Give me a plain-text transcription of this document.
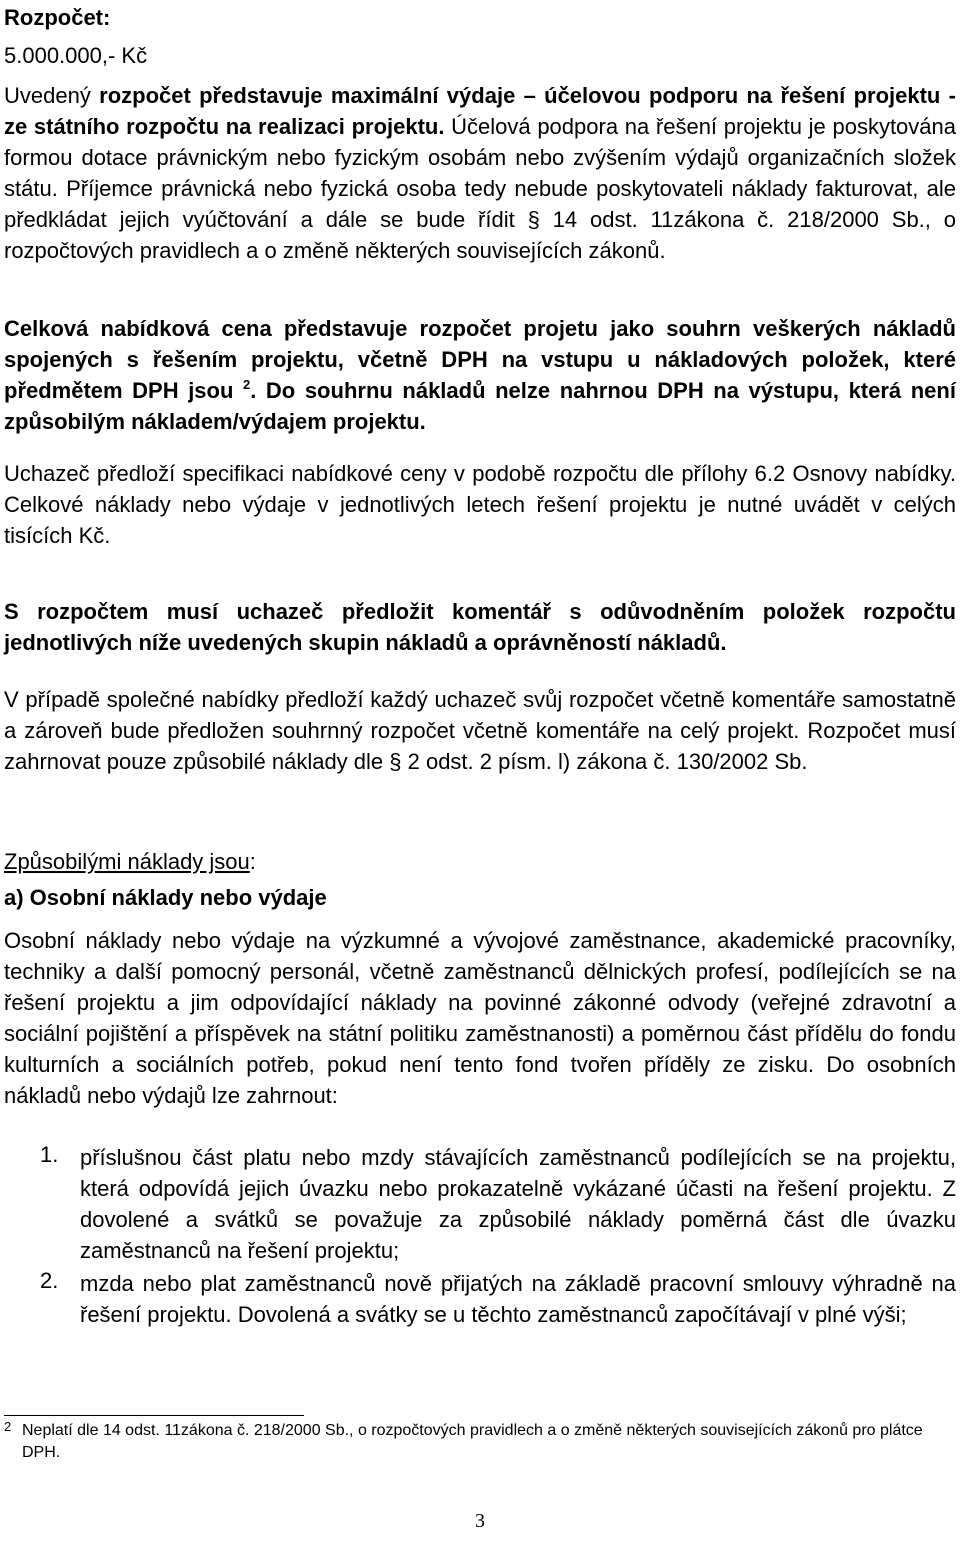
Rozpočet:

5.000.000,- Kč

Uvedený rozpočet představuje maximální výdaje – účelovou podporu na řešení projektu - ze státního rozpočtu na realizaci projektu. Účelová podpora na řešení projektu je poskytována formou dotace právnickým nebo fyzickým osobám nebo zvýšením výdajů organizačních složek státu. Příjemce právnická nebo fyzická osoba tedy nebude poskytovateli náklady fakturovat, ale předkládat jejich vyúčtování a dále se bude řídit § 14 odst. 11zákona č. 218/2000 Sb., o rozpočtových pravidlech a o změně některých souvisejících zákonů.

Celková nabídková cena představuje rozpočet projetu jako souhrn veškerých nákladů spojených s řešením projektu, včetně DPH na vstupu u nákladových položek, které předmětem DPH jsou $^2$. Do souhrnu nákladů nelze nahrnou DPH na výstupu, která není způsobilým nákladem/výdajem projektu.

Uchazeč předloží specifikaci nabídkové ceny v podobě rozpočtu dle přílohy 6.2 Osnovy nabídky. Celkové náklady nebo výdaje v jednotlivých letech řešení projektu je nutné uvádět v celých tisících Kč.

S rozpočtem musí uchazeč předložit komentář s odůvodněním položek rozpočtu jednotlivých níže uvedených skupin nákladů a oprávněností nákladů.

V případě společné nabídky předloží každý uchazeč svůj rozpočet včetně komentáře samostatně a zároveň bude předložen souhrnný rozpočet včetně komentáře na celý projekt. Rozpočet musí zahrnovat pouze způsobilé náklady dle § 2 odst. 2 písm. l) zákona č. 130/2002 Sb.

Způsobilými náklady jsou:

a) Osobní náklady nebo výdaje

Osobní náklady nebo výdaje na výzkumné a vývojové zaměstnance, akademické pracovníky, techniky a další pomocný personál, včetně zaměstnanců dělnických profesí, podílejících se na řešení projektu a jim odpovídající náklady na povinné zákonné odvody (veřejné zdravotní a sociální pojištění a příspěvek na státní politiku zaměstnanosti) a poměrnou část přídělu do fondu kulturních a sociálních potřeb, pokud není tento fond tvořen příděly ze zisku. Do osobních nákladů nebo výdajů lze zahrnout:

1. příslušnou část platu nebo mzdy stávajících zaměstnanců podílejících se na projektu, která odpovídá jejich úvazku nebo prokazatelně vykázané účasti na řešení projektu. Z dovolené a svátků se považuje za způsobilé náklady poměrná část dle úvazku zaměstnanců na řešení projektu;

2. mzda nebo plat zaměstnanců nově přijatých na základě pracovní smlouvy výhradně na řešení projektu. Dovolená a svátky se u těchto zaměstnanců započítávají v plné výši;

2 Neplatí dle 14 odst. 11zákona č. 218/2000 Sb., o rozpočtových pravidlech a o změně některých souvisejících zákonů pro plátce DPH.
3
